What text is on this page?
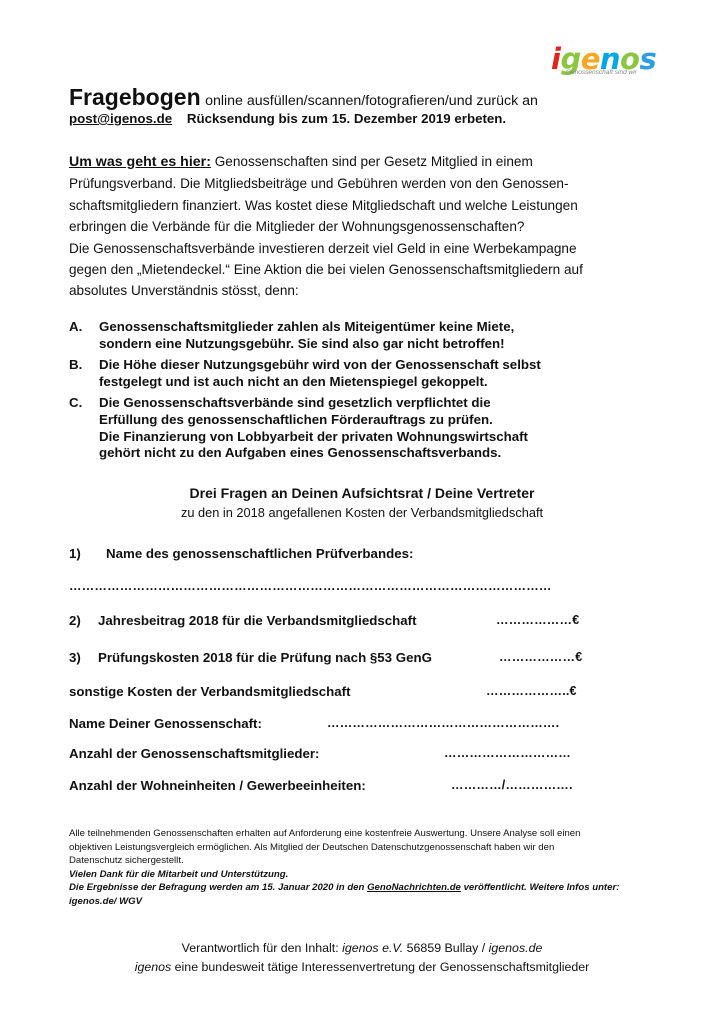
igenos
Genossenschaft sind wir
Fragebogen online ausfüllen/scannen/fotografieren/und zurück an
post@igenos.de Rücksendung bis zum 15. Dezember 2019 erbeten.

Um was geht es hier: Genossenschaften sind per Gesetz Mitglied in einem

Prüfungsverband. Die Mitgliedsbeiträge und Gebühren werden von den Genossen-

schaftsmitgliedern finanziert. Was kostet diese Mitgliedschaft und welche Leistungen

erbringen die Verbände für die Mitglieder der Wohnungsgenossenschaften?

Die Genossenschaftsverbände investieren derzeit viel Geld in eine Werbekampagne

gegen den „Mietendeckel.“ Eine Aktion die bei vielen Genossenschaftsmitgliedern auf

absolutes Unverständnis stösst, denn:

A.	Genossenschaftsmitglieder zahlen als Miteigentümer keine Miete,

sondern eine Nutzungsgebühr. Sie sind also gar nicht betroffen!

B.	Die Höhe dieser Nutzungsgebühr wird von der Genossenschaft selbst

festgelegt und ist auch nicht an den Mietenspiegel gekoppelt.

C.	Die Genossenschaftsverbände sind gesetzlich verpflichtet die

Erfüllung des genossenschaftlichen Förderauftrags zu prüfen.

Die Finanzierung von Lobbyarbeit der privaten Wohnungswirtschaft

gehört nicht zu den Aufgaben eines Genossenschaftsverbands.

Drei Fragen an Deinen Aufsichtsrat / Deine Vertreter
zu den in 2018 angefallenen Kosten der Verbandsmitgliedschaft
1) Name des genossenschaftlichen Prüfverbandes:
……………………………………………………………………………………………………
2) Jahresbeitrag 2018 für die Verbandsmitgliedschaft	………………€
3) Prüfungskosten 2018 für die Prüfung nach §53 GenG	………………€
sonstige Kosten der Verbandsmitgliedschaft	………………..€
Name Deiner Genossenschaft:	……………………………………………….
Anzahl der Genossenschaftsmitglieder:	…………………………
Anzahl der Wohneinheiten / Gewerbeeinheiten:	…………/…………….

Alle teilnehmenden Genossenschaften erhalten auf Anforderung eine kostenfreie Auswertung. Unsere Analyse soll einen

objektiven Leistungsvergleich ermöglichen. Als Mitglied der Deutschen Datenschutzgenossenschaft haben wir den

Datenschutz sichergestellt.

Vielen Dank für die Mitarbeit und Unterstützung.

Die Ergebnisse der Befragung werden am 15. Januar 2020 in den GenoNachrichten.de veröffentlicht. Weitere Infos unter:

igenos.de/ WGV

Verantwortlich für den Inhalt: igenos e.V. 56859 Bullay / igenos.de
igenos eine bundesweit tätige Interessenvertretung der Genossenschaftsmitglieder
